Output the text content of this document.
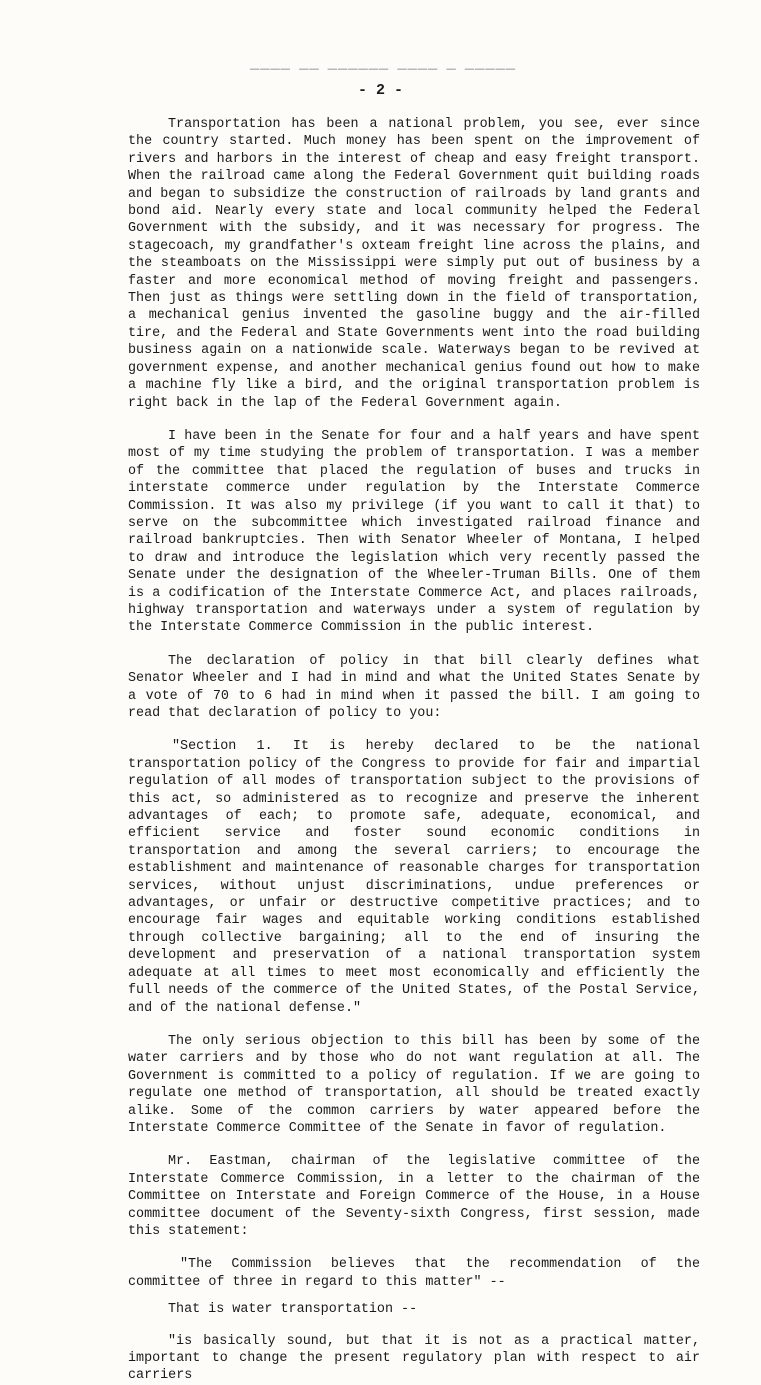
▔▔▔▔ ▔▔ ▔▔▔▔▔▔ ▔▔▔▔ ▔ ▔▔▔▔▔
- 2 -

Transportation has been a national problem, you see, ever since the country started. Much money has been spent on the improvement of rivers and harbors in the interest of cheap and easy freight transport. When the railroad came along the Federal Government quit building roads and began to subsidize the construction of railroads by land grants and bond aid. Nearly every state and local community helped the Federal Government with the subsidy, and it was necessary for progress. The stagecoach, my grandfather's oxteam freight line across the plains, and the steamboats on the Mississippi were simply put out of business by a faster and more economical method of moving freight and passengers. Then just as things were settling down in the field of transportation, a mechanical genius invented the gasoline buggy and the air-filled tire, and the Federal and State Governments went into the road building business again on a nationwide scale. Waterways began to be revived at government expense, and another mechanical genius found out how to make a machine fly like a bird, and the original transportation problem is right back in the lap of the Federal Government again.

I have been in the Senate for four and a half years and have spent most of my time studying the problem of transportation. I was a member of the committee that placed the regulation of buses and trucks in interstate commerce under regulation by the Interstate Commerce Commission. It was also my privilege (if you want to call it that) to serve on the subcommittee which investigated railroad finance and railroad bankruptcies. Then with Senator Wheeler of Montana, I helped to draw and introduce the legislation which very recently passed the Senate under the designation of the Wheeler-Truman Bills. One of them is a codification of the Interstate Commerce Act, and places railroads, highway transportation and waterways under a system of regulation by the Interstate Commerce Commission in the public interest.

The declaration of policy in that bill clearly defines what Senator Wheeler and I had in mind and what the United States Senate by a vote of 70 to 6 had in mind when it passed the bill. I am going to read that declaration of policy to you:

"Section 1. It is hereby declared to be the national transportation policy of the Congress to provide for fair and impartial regulation of all modes of transportation subject to the provisions of this act, so administered as to recognize and preserve the inherent advantages of each; to promote safe, adequate, economical, and efficient service and foster sound economic conditions in transportation and among the several carriers; to encourage the establishment and maintenance of reasonable charges for transportation services, without unjust discriminations, undue preferences or advantages, or unfair or destructive competitive practices; and to encourage fair wages and equitable working conditions established through collective bargaining; all to the end of insuring the development and preservation of a national transportation system adequate at all times to meet most economically and efficiently the full needs of the commerce of the United States, of the Postal Service, and of the national defense."

The only serious objection to this bill has been by some of the water carriers and by those who do not want regulation at all. The Government is committed to a policy of regulation. If we are going to regulate one method of transportation, all should be treated exactly alike. Some of the common carriers by water appeared before the Interstate Commerce Committee of the Senate in favor of regulation.

Mr. Eastman, chairman of the legislative committee of the Interstate Commerce Commission, in a letter to the chairman of the Committee on Interstate and Foreign Commerce of the House, in a House committee document of the Seventy-sixth Congress, first session, made this statement:

"The Commission believes that the recommendation of the committee of three in regard to this matter" --

That is water transportation --

"is basically sound, but that it is not as a practical matter, important to change the present regulatory plan with respect to air carriers
